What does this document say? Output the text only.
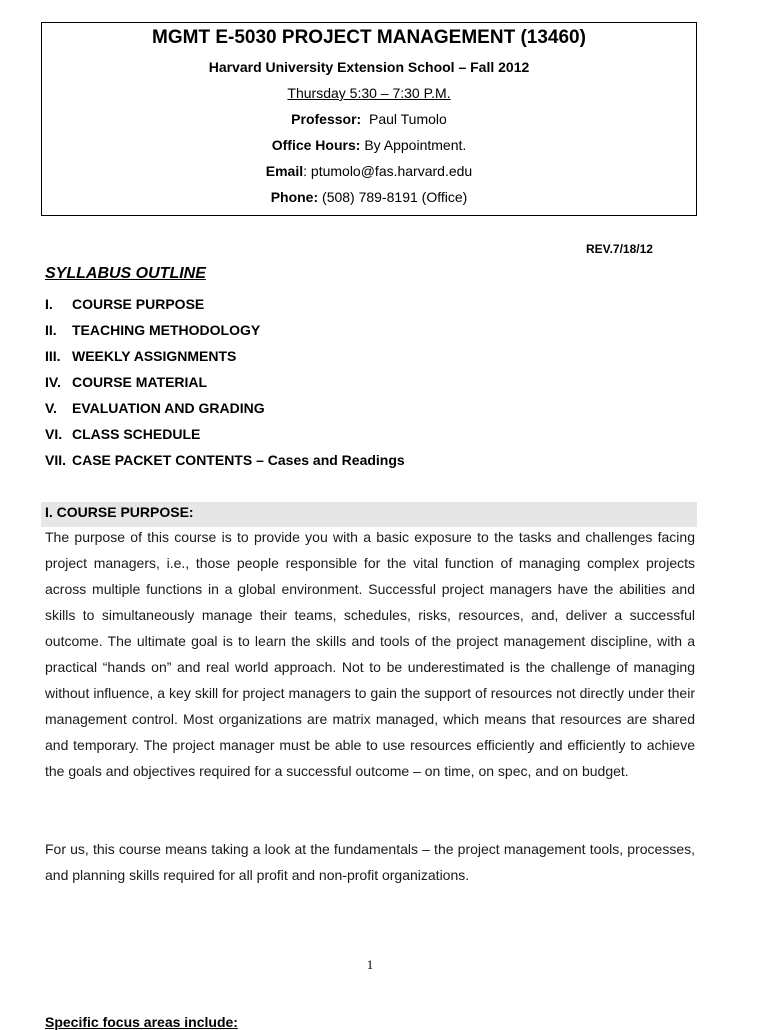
MGMT E-5030 PROJECT MANAGEMENT (13460)
Harvard University Extension School – Fall 2012
Thursday 5:30 – 7:30 P.M.
Professor: Paul Tumolo
Office Hours: By Appointment.
Email: ptumolo@fas.harvard.edu
Phone: (508) 789-8191 (Office)
REV.7/18/12
SYLLABUS OUTLINE
I. COURSE PURPOSE
II. TEACHING METHODOLOGY
III. WEEKLY ASSIGNMENTS
IV. COURSE MATERIAL
V. EVALUATION AND GRADING
VI. CLASS SCHEDULE
VII. CASE PACKET CONTENTS – Cases and Readings
I. COURSE PURPOSE:
The purpose of this course is to provide you with a basic exposure to the tasks and challenges facing project managers, i.e., those people responsible for the vital function of managing complex projects across multiple functions in a global environment. Successful project managers have the abilities and skills to simultaneously manage their teams, schedules, risks, resources, and, deliver a successful outcome. The ultimate goal is to learn the skills and tools of the project management discipline, with a practical “hands on” and real world approach. Not to be underestimated is the challenge of managing without influence, a key skill for project managers to gain the support of resources not directly under their management control. Most organizations are matrix managed, which means that resources are shared and temporary. The project manager must be able to use resources efficiently and efficiently to achieve the goals and objectives required for a successful outcome – on time, on spec, and on budget.
For us, this course means taking a look at the fundamentals – the project management tools, processes, and planning skills required for all profit and non-profit organizations.
1
Specific focus areas include:
